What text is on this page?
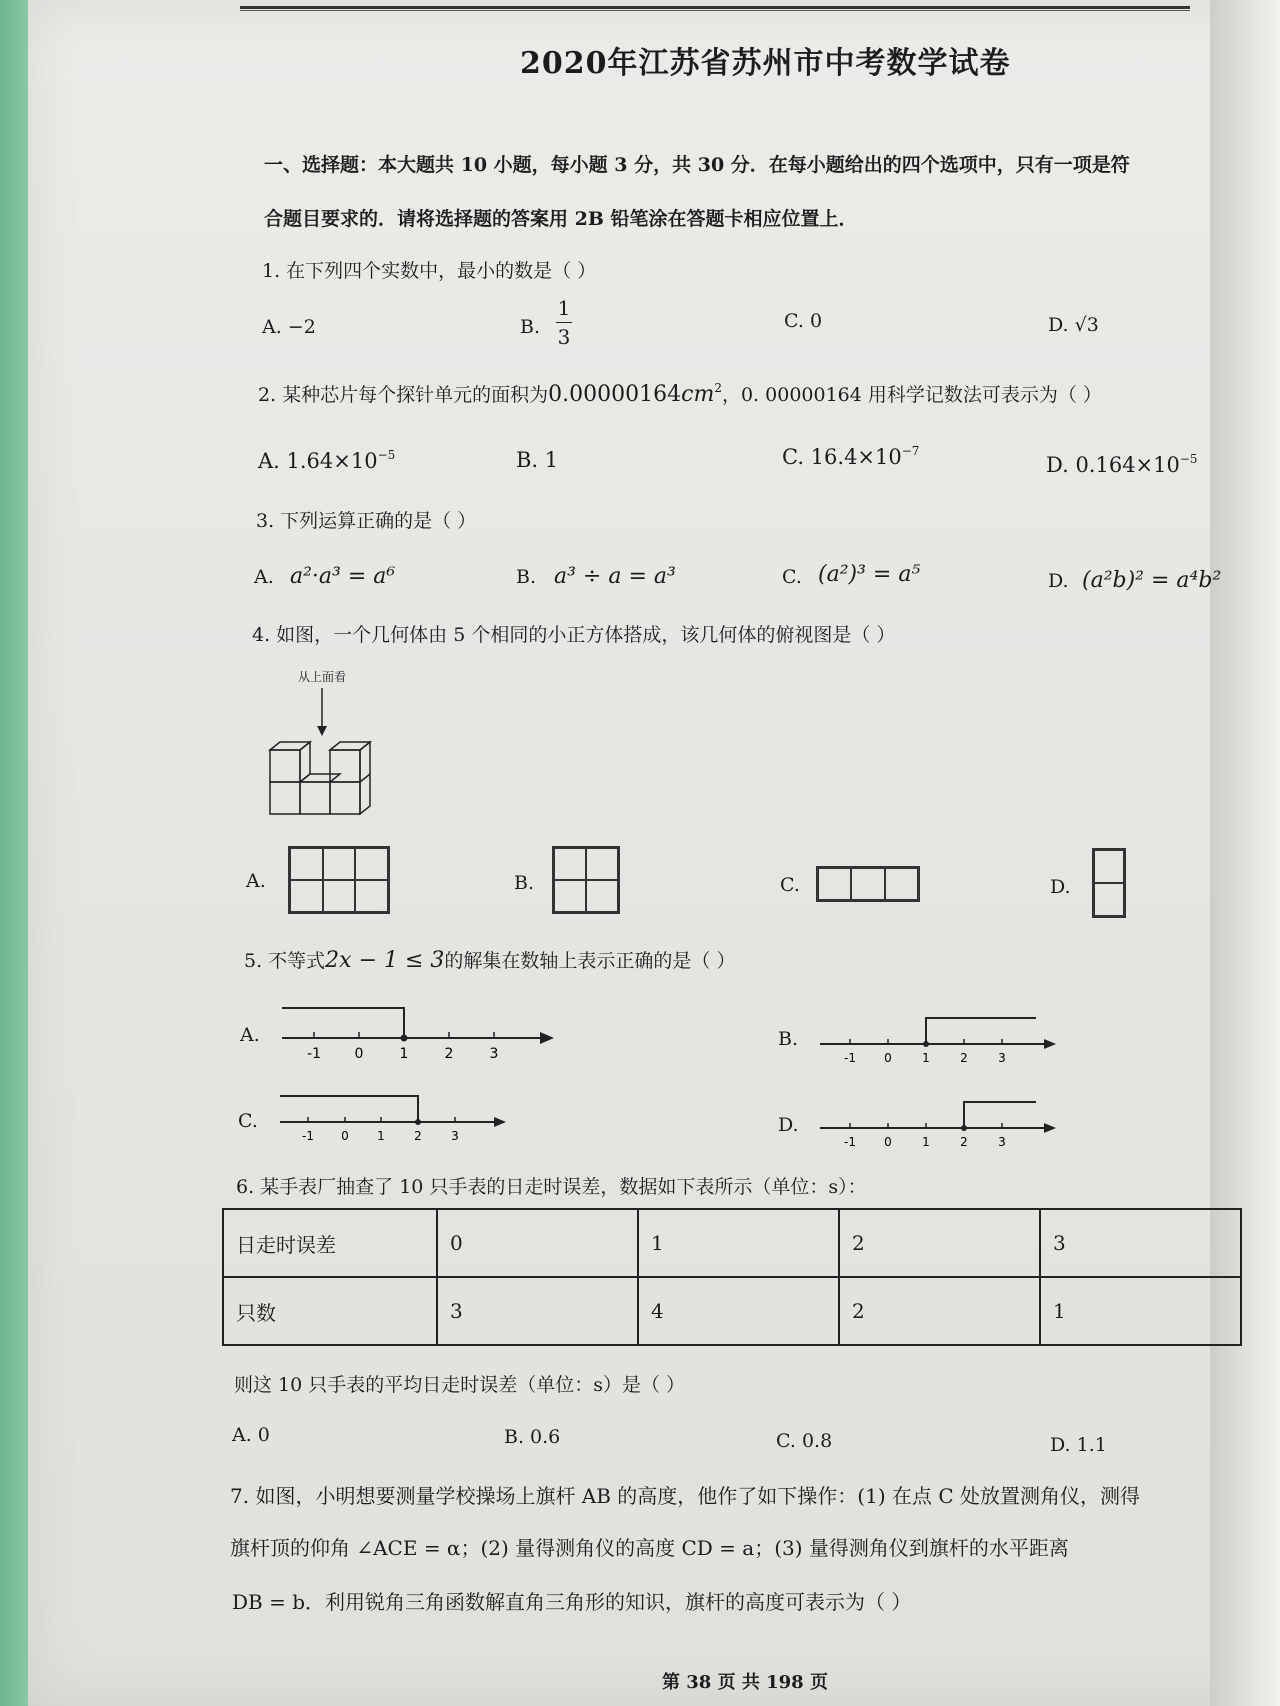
2020年江苏省苏州市中考数学试卷
一、选择题：本大题共 10 小题，每小题 3 分，共 30 分．在每小题给出的四个选项中，只有一项是符
合题目要求的．请将选择题的答案用 2B 铅笔涂在答题卡相应位置上．
1. 在下列四个实数中，最小的数是（ ）
A. −2	B.
1
3
C. 0	D. √3
2. 某种芯片每个探针单元的面积为$0.00000164cm^2$，0. 00000164 用科学记数法可表示为（ ）
A. $1.64\times 10^{-5}$	B. 1	C. $16.4\times 10^{-7}$
D. $0.164\times 10^{-5}$
3. 下列运算正确的是（ ）
A. a²·a³ = a⁶	B. a³ ÷ a = a³	C. (a²)³ = a⁵	D. (a²b)² = a⁴b²
4. 如图，一个几何体由 5 个相同的小正方体搭成，该几何体的俯视图是（ ）
从上面看
A.	B.	C.	D.
5. 不等式2x − 1 ≤ 3的解集在数轴上表示正确的是（ ）
A.
-1 0	1	2	3
B.
-1 0	1	2	3
C.
-1 0 1 2 3	D.
-1 0	1	2	3
6. 某手表厂抽查了 10 只手表的日走时误差，数据如下表所示（单位：s）：
日走时误差	0	1	2	3
只数	3	4	2	1
则这 10 只手表的平均日走时误差（单位：s）是（ ）
A. 0	B. 0.6	C. 0.8	D. 1.1
7. 如图，小明想要测量学校操场上旗杆 AB 的高度，他作了如下操作：(1) 在点 C 处放置测角仪，测得
旗杆顶的仰角 ∠ACE = α；(2) 量得测角仪的高度 CD = a；(3) 量得测角仪到旗杆的水平距离
DB = b．利用锐角三角函数解直角三角形的知识，旗杆的高度可表示为（ ）
第 38 页 共 198 页
